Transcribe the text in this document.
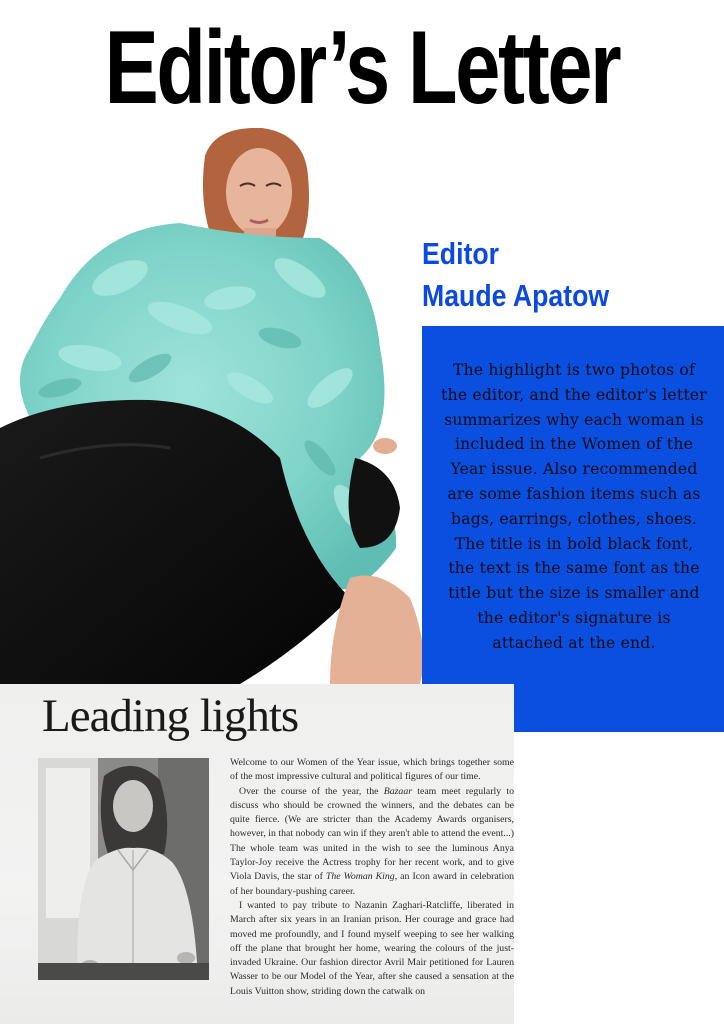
Editor’s Letter
Editor
Maude Apatow

The highlight is two photos of the editor, and the editor's letter summarizes why each woman is included in the Women of the Year issue. Also recommended are some fashion items such as bags, earrings, clothes, shoes. The title is in bold black font, the text is the same font as the title but the size is smaller and the editor's signature is attached at the end.

Leading lights

Welcome to our Women of the Year issue, which brings together some of the most impressive cultural and political figures of our time.

Over the course of the year, the Bazaar team meet regularly to discuss who should be crowned the winners, and the debates can be quite fierce. (We are stricter than the Academy Awards organisers, however, in that nobody can win if they aren't able to attend the event...) The whole team was united in the wish to see the luminous Anya Taylor-Joy receive the Actress trophy for her recent work, and to give Viola Davis, the star of The Woman King, an Icon award in celebration of her boundary-pushing career.

I wanted to pay tribute to Nazanin Zaghari-Ratcliffe, liberated in March after six years in an Iranian prison. Her courage and grace had moved me profoundly, and I found myself weeping to see her walking off the plane that brought her home, wearing the colours of the just-invaded Ukraine. Our fashion director Avril Mair petitioned for Lauren Wasser to be our Model of the Year, after she caused a sensation at the Louis Vuitton show, striding down the catwalk on
